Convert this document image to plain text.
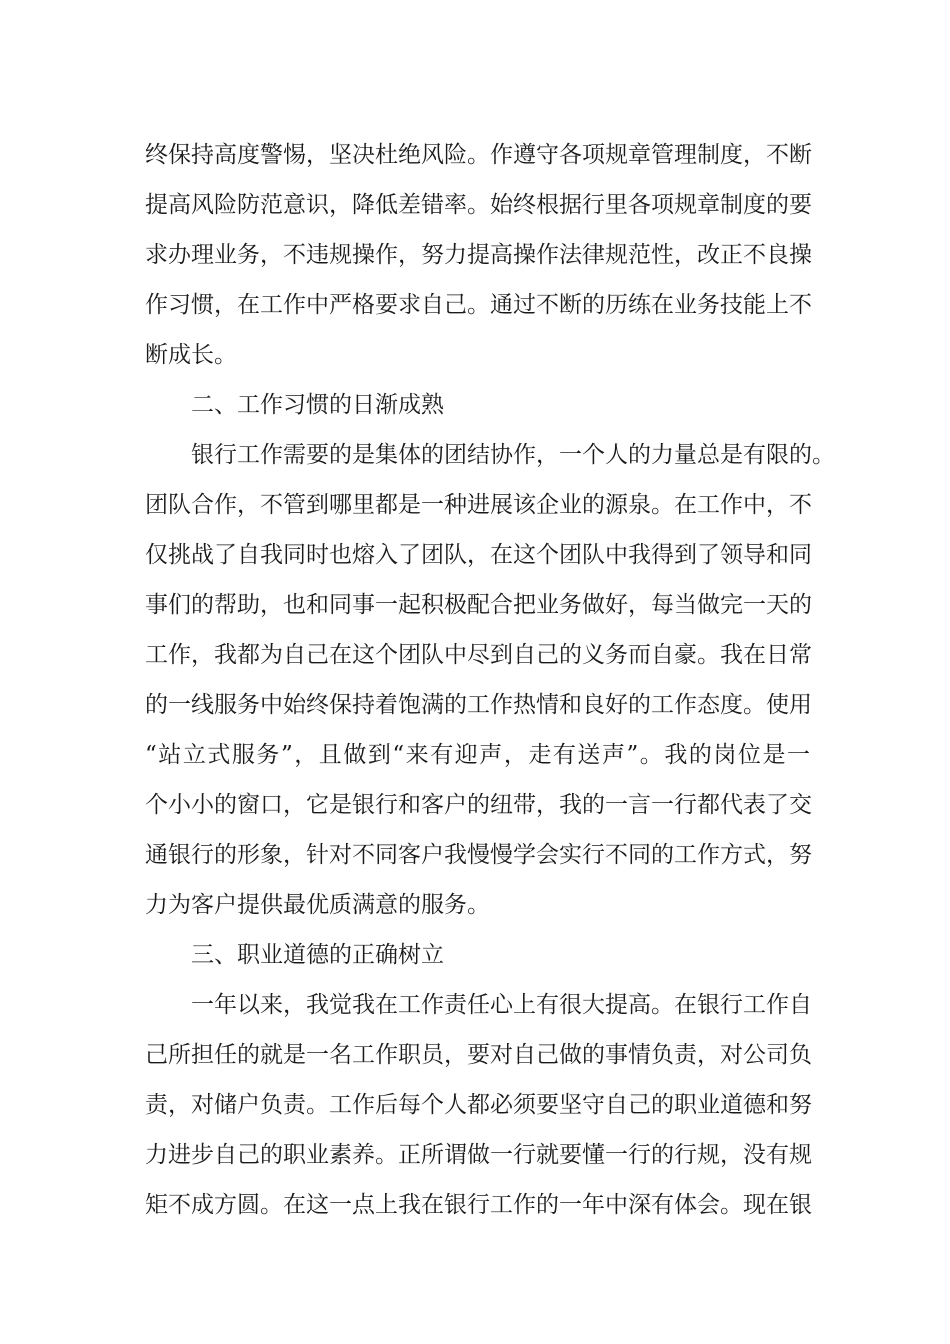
终保持高度警惕，坚决杜绝风险。作遵守各项规章管理制度，不断
提高风险防范意识，降低差错率。始终根据行里各项规章制度的要
求办理业务，不违规操作，努力提高操作法律规范性，改正不良操
作习惯，在工作中严格要求自己。通过不断的历练在业务技能上不
断成长。
二、工作习惯的日渐成熟
银行工作需要的是集体的团结协作，一个人的力量总是有限的。
团队合作，不管到哪里都是一种进展该企业的源泉。在工作中，不
仅挑战了自我同时也熔入了团队，在这个团队中我得到了领导和同
事们的帮助，也和同事一起积极配合把业务做好，每当做完一天的
工作，我都为自己在这个团队中尽到自己的义务而自豪。我在日常
的一线服务中始终保持着饱满的工作热情和良好的工作态度。使用
“站立式服务”，且做到“来有迎声，走有送声”。我的岗位是一
个小小的窗口，它是银行和客户的纽带，我的一言一行都代表了交
通银行的形象，针对不同客户我慢慢学会实行不同的工作方式，努
力为客户提供最优质满意的服务。
三、职业道德的正确树立
一年以来，我觉我在工作责任心上有很大提高。在银行工作自
己所担任的就是一名工作职员，要对自己做的事情负责，对公司负
责，对储户负责。工作后每个人都必须要坚守自己的职业道德和努
力进步自己的职业素养。正所谓做一行就要懂一行的行规，没有规
矩不成方圆。在这一点上我在银行工作的一年中深有体会。现在银
